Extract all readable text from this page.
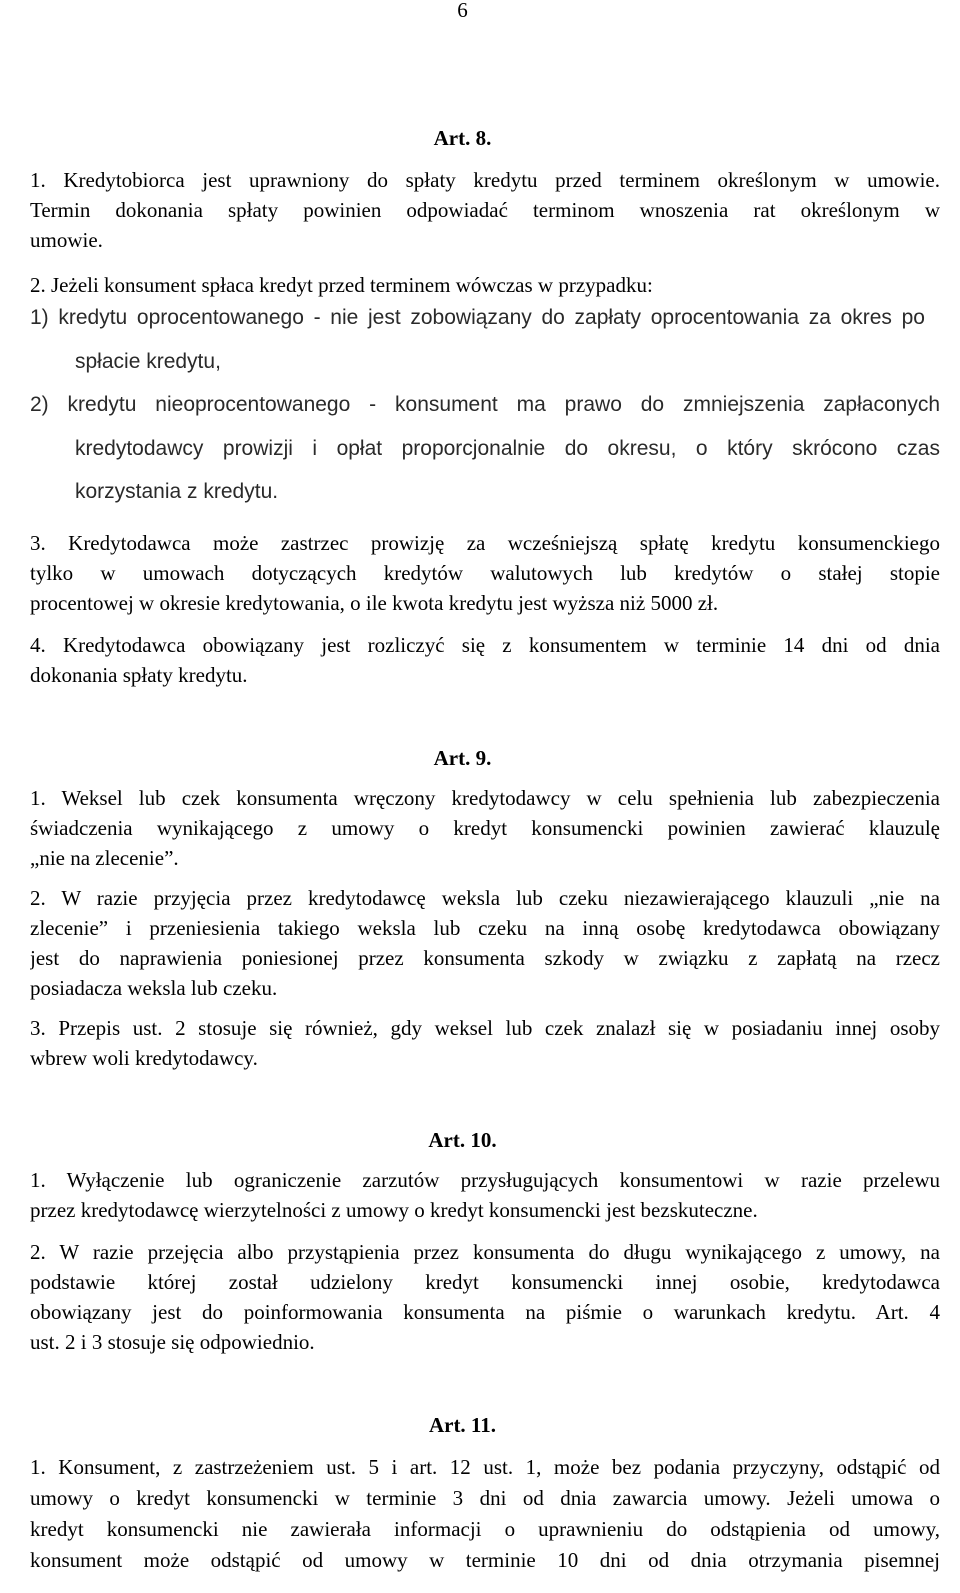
6
Art. 8.
1. Kredytobiorca jest uprawniony do spłaty kredytu przed terminem określonym w umowie.
Termin dokonania spłaty powinien odpowiadać terminom wnoszenia rat określonym w
umowie.
2. Jeżeli konsument spłaca kredyt przed terminem wówczas w przypadku:
1) kredytu oprocentowanego - nie jest zobowiązany do zapłaty oprocentowania za okres po
spłacie kredytu,
2) kredytu nieoprocentowanego - konsument ma prawo do zmniejszenia zapłaconych
kredytodawcy prowizji i opłat proporcjonalnie do okresu, o który skrócono czas
korzystania z kredytu.
3. Kredytodawca może zastrzec prowizję za wcześniejszą spłatę kredytu konsumenckiego
tylko w umowach dotyczących kredytów walutowych lub kredytów o stałej stopie
procentowej w okresie kredytowania, o ile kwota kredytu jest wyższa niż 5000 zł.
4. Kredytodawca obowiązany jest rozliczyć się z konsumentem w terminie 14 dni od dnia
dokonania spłaty kredytu.
Art. 9.
1. Weksel lub czek konsumenta wręczony kredytodawcy w celu spełnienia lub zabezpieczenia
świadczenia wynikającego z umowy o kredyt konsumencki powinien zawierać klauzulę
„nie na zlecenie”.
2. W razie przyjęcia przez kredytodawcę weksla lub czeku niezawierającego klauzuli „nie na
zlecenie” i przeniesienia takiego weksla lub czeku na inną osobę kredytodawca obowiązany
jest do naprawienia poniesionej przez konsumenta szkody w związku z zapłatą na rzecz
posiadacza weksla lub czeku.
3. Przepis ust. 2 stosuje się również, gdy weksel lub czek znalazł się w posiadaniu innej osoby
wbrew woli kredytodawcy.
Art. 10.
1. Wyłączenie lub ograniczenie zarzutów przysługujących konsumentowi w razie przelewu
przez kredytodawcę wierzytelności z umowy o kredyt konsumencki jest bezskuteczne.
2. W razie przejęcia albo przystąpienia przez konsumenta do długu wynikającego z umowy, na
podstawie której został udzielony kredyt konsumencki innej osobie, kredytodawca
obowiązany jest do poinformowania konsumenta na piśmie o warunkach kredytu. Art. 4
ust. 2 i 3 stosuje się odpowiednio.
Art. 11.
1. Konsument, z zastrzeżeniem ust. 5 i art. 12 ust. 1, może bez podania przyczyny, odstąpić od
umowy o kredyt konsumencki w terminie 3 dni od dnia zawarcia umowy. Jeżeli umowa o
kredyt konsumencki nie zawierała informacji o uprawnieniu do odstąpienia od umowy,
konsument może odstąpić od umowy w terminie 10 dni od dnia otrzymania pisemnej
